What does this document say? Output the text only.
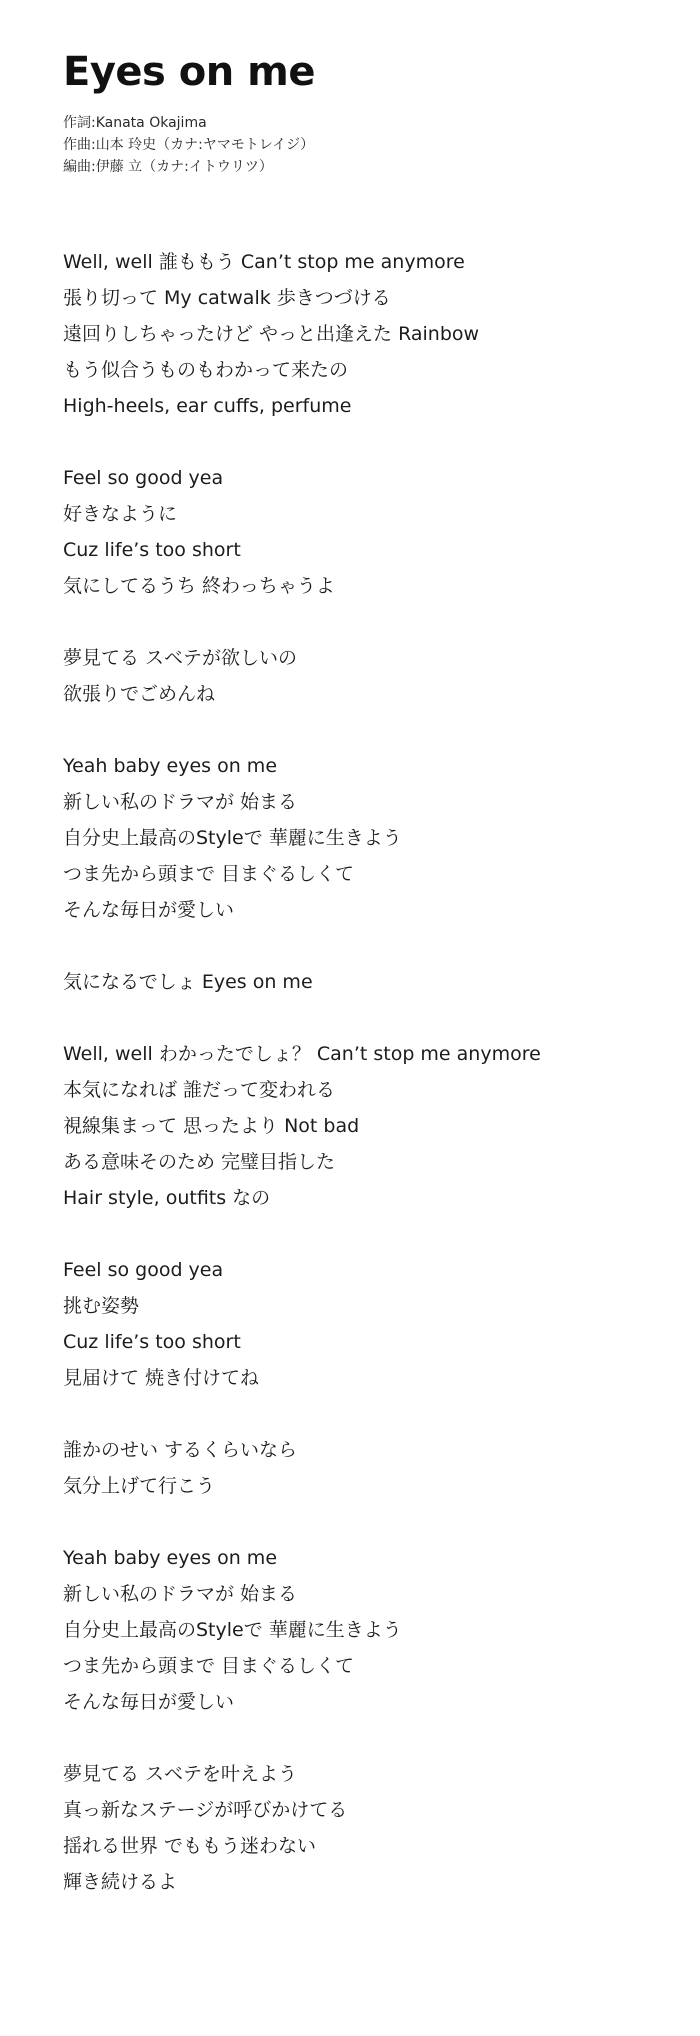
Eyes on me
作詞:Kanata Okajima
作曲:山本 玲史（カナ:ヤマモトレイジ）
編曲:伊藤 立（カナ:イトウリツ）
Well, well 誰ももう Can’t stop me anymore
張り切って My catwalk 歩きつづける
遠回りしちゃったけど やっと出逢えた Rainbow
もう似合うものもわかって来たの
High-heels, ear cuffs, perfume
Feel so good yea
好きなように
Cuz life’s too short
気にしてるうち 終わっちゃうよ
夢見てる スベテが欲しいの
欲張りでごめんね
Yeah baby eyes on me
新しい私のドラマが 始まる
自分史上最高のStyleで 華麗に生きよう
つま先から頭まで 目まぐるしくて
そんな毎日が愛しい
気になるでしょ Eyes on me
Well, well わかったでしょ？ Can’t stop me anymore
本気になれば 誰だって変われる
視線集まって 思ったより Not bad
ある意味そのため 完璧目指した
Hair style, outfits なの
Feel so good yea
挑む姿勢
Cuz life’s too short
見届けて 焼き付けてね
誰かのせい するくらいなら
気分上げて行こう
Yeah baby eyes on me
新しい私のドラマが 始まる
自分史上最高のStyleで 華麗に生きよう
つま先から頭まで 目まぐるしくて
そんな毎日が愛しい
夢見てる スベテを叶えよう
真っ新なステージが呼びかけてる
揺れる世界 でももう迷わない
輝き続けるよ
